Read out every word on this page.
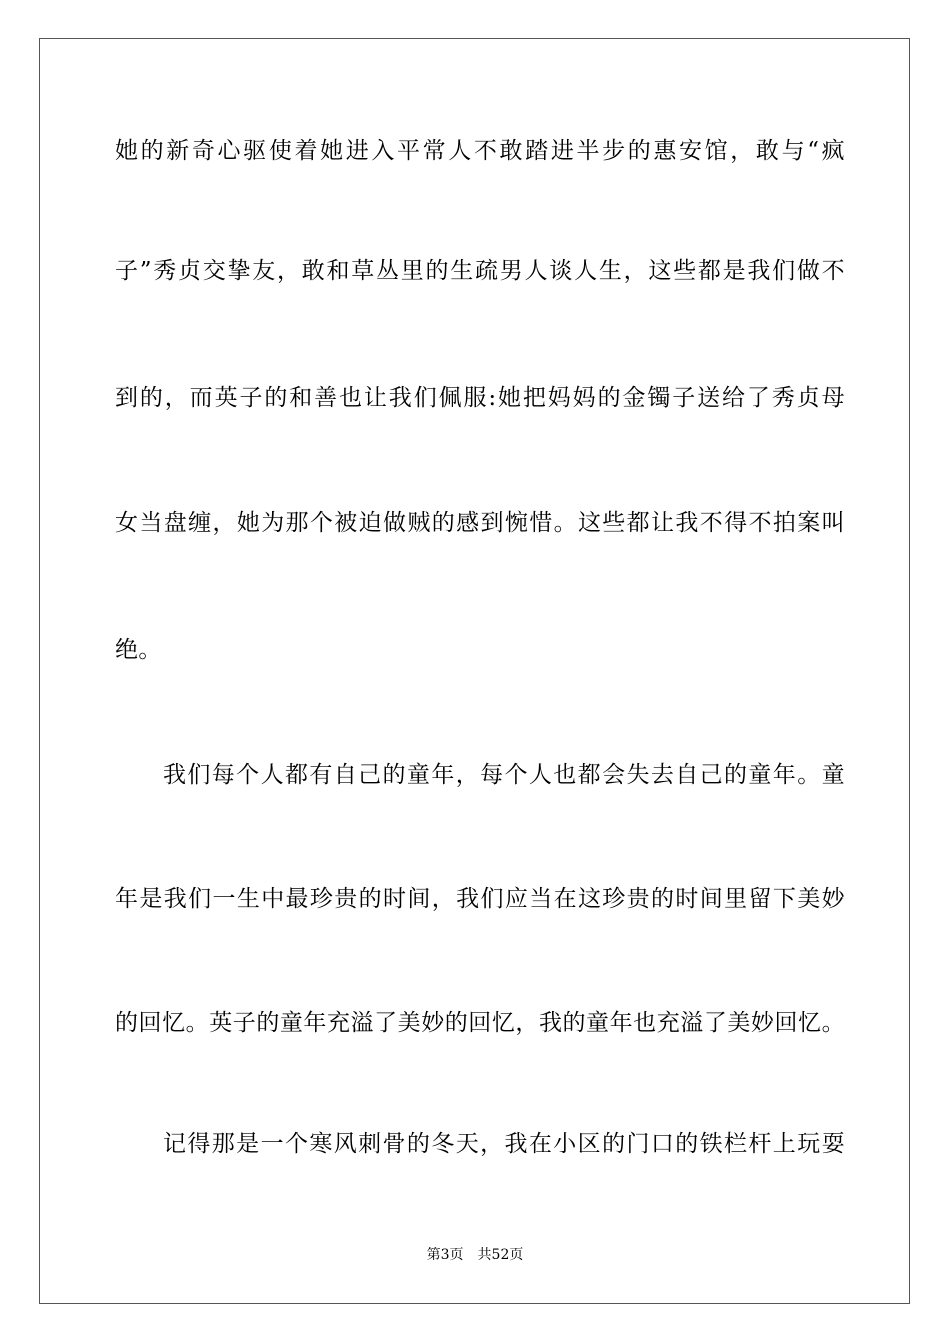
她的新奇心驱使着她进入平常人不敢踏进半步的惠安馆，敢与“疯
子”秀贞交挚友，敢和草丛里的生疏男人谈人生，这些都是我们做不
到的，而英子的和善也让我们佩服:她把妈妈的金镯子送给了秀贞母
女当盘缠，她为那个被迫做贼的感到惋惜。这些都让我不得不拍案叫
绝。
我们每个人都有自己的童年，每个人也都会失去自己的童年。童
年是我们一生中最珍贵的时间，我们应当在这珍贵的时间里留下美妙
的回忆。英子的童年充溢了美妙的回忆，我的童年也充溢了美妙回忆。
记得那是一个寒风刺骨的冬天，我在小区的门口的铁栏杆上玩耍
第3页 共52页
